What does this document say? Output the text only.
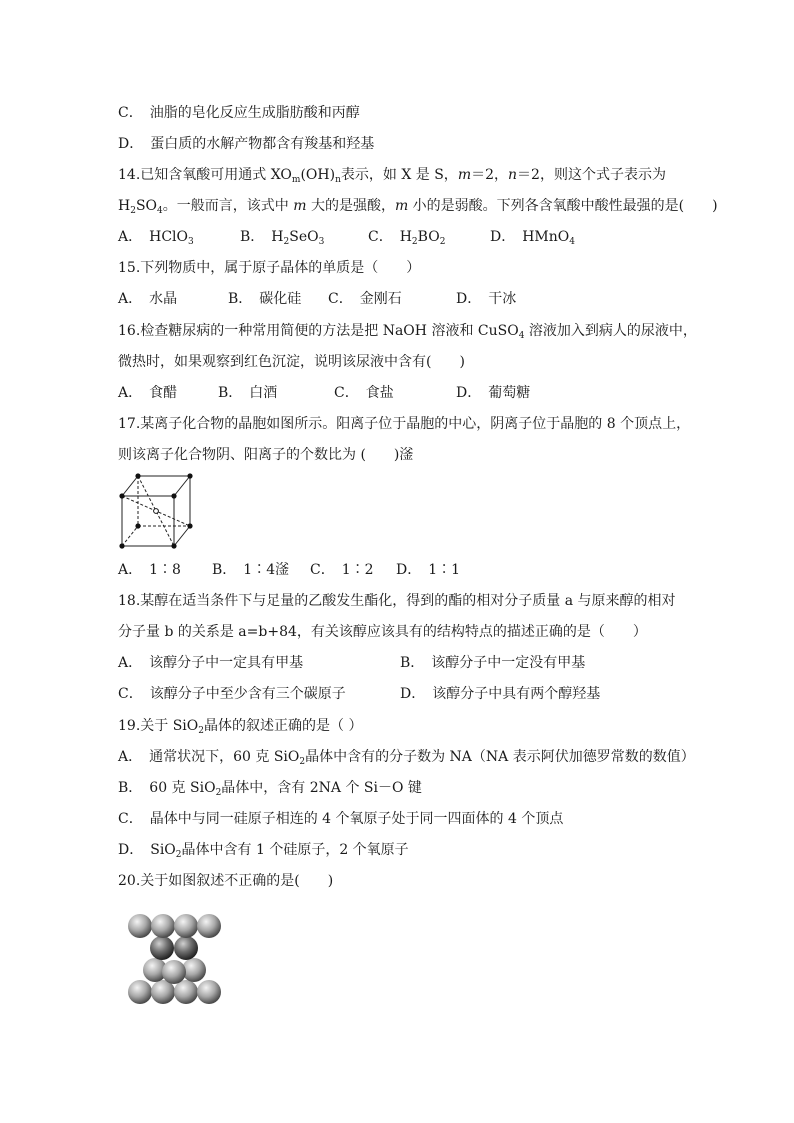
C．　油脂的皂化反应生成脂肪酸和丙醇
D．　蛋白质的水解产物都含有羧基和羟基
14.已知含氧酸可用通式 $XO_m(OH)_n$表示，如 X 是 S，m＝2，n＝2，则这个式子表示为
$H_2SO_4$。一般而言，该式中 m 大的是强酸，m 小的是弱酸。下列各含氧酸中酸性最强的是(　　)
A．　HClO$_3$	B．　$H_2SeO_3$	C．　$H_2BO_2$	D．　HMnO$_4$
15.下列物质中，属于原子晶体的单质是（　　）
A．　水晶	B．　碳化硅 C．　金刚石	D．　干冰
16.检查糖尿病的一种常用简便的方法是把 NaOH 溶液和 CuSO$_4$ 溶液加入到病人的尿液中，
微热时，如果观察到红色沉淀，说明该尿液中含有(　　)
A．　食醋	B．　白酒	C．　食盐	D．　葡萄糖
17.某离子化合物的晶胞如图所示。阳离子位于晶胞的中心，阴离子位于晶胞的 8 个顶点上，
则该离子化合物阴、阳离子的个数比为 (　　)滏
A．　1∶8 B．　1∶4滏 C．　1∶2 D．　1∶1
18.某醇在适当条件下与足量的乙酸发生酯化，得到的酯的相对分子质量 a 与原来醇的相对
分子量 b 的关系是 a=b+84，有关该醇应该具有的结构特点的描述正确的是（　　）
A．　该醇分子中一定具有甲基	B．　该醇分子中一定没有甲基
C．　该醇分子中至少含有三个碳原子	D．　该醇分子中具有两个醇羟基
19.关于 SiO$_2$晶体的叙述正确的是（ ）
A．　通常状况下，60 克 SiO$_2$晶体中含有的分子数为 NA（NA 表示阿伏加德罗常数的数值）
B．　60 克 SiO$_2$晶体中，含有 2NA 个 Si－O 键
C．　晶体中与同一硅原子相连的 4 个氧原子处于同一四面体的 4 个顶点
D．　SiO$_2$晶体中含有 1 个硅原子，2 个氧原子
20.关于如图叙述不正确的是(　　)
